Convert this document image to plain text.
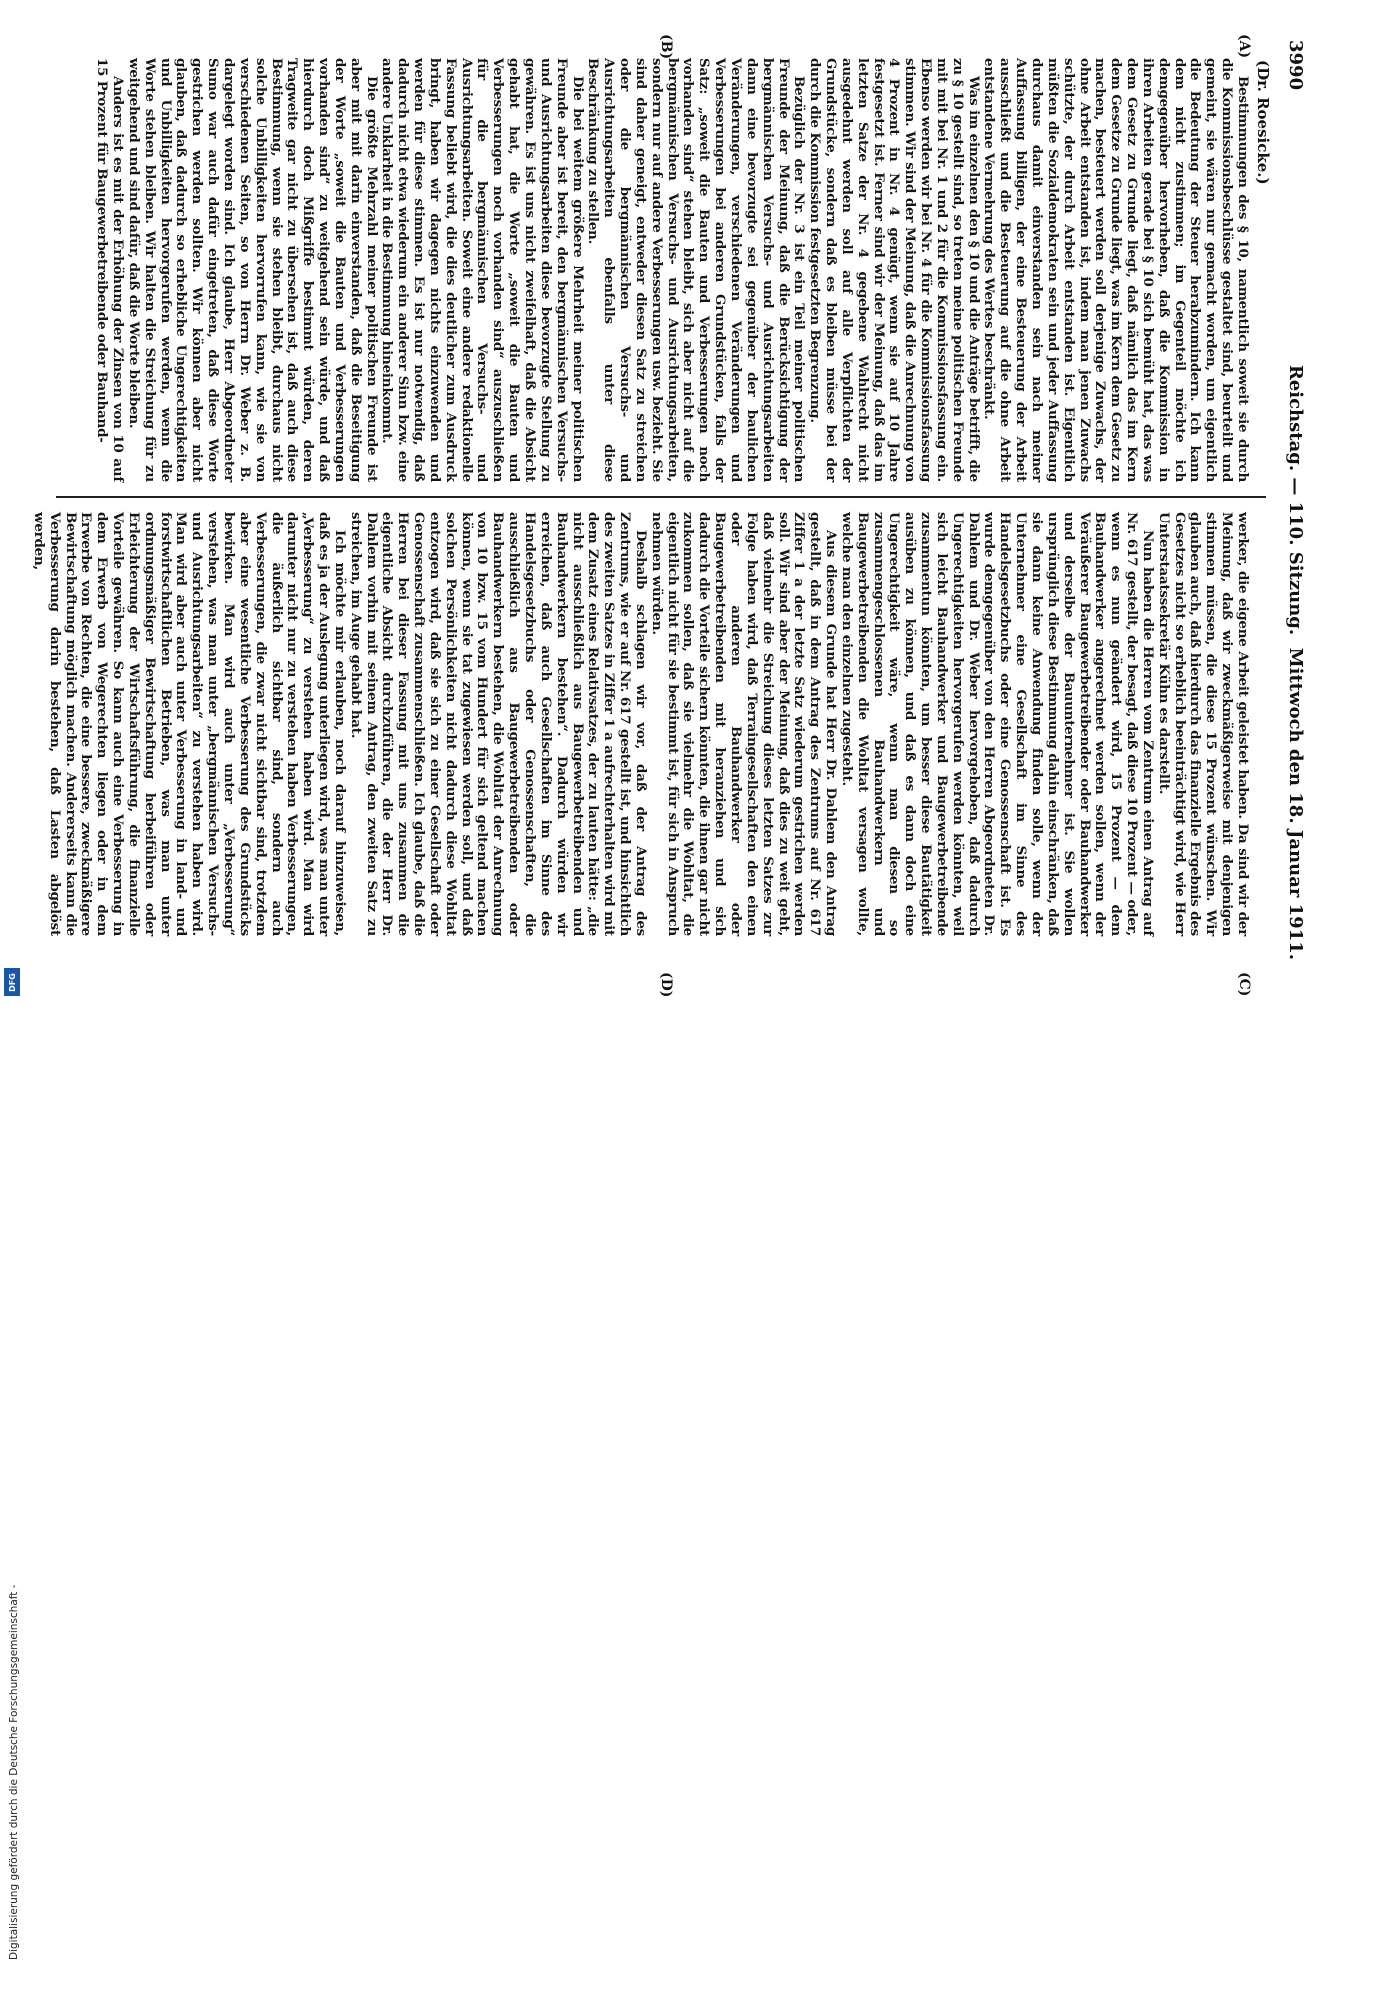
Digitalisierung gefördert durch die Deutsche Forschungsgemeinschaft -
DFG
3990
Reichstag. — 110. Sitzung.
Mittwoch den 18. Januar 1911.
(Dr. Roesicke.)
(A)
(B)
(C)
(D)

Bestimmungen des § 10, namentlich soweit sie durch die Kommissionsbeschlüsse gestaltet sind, beurteilt und gemeint, sie wären nur gemacht worden, um eigentlich die Bedeutung der Steuer herabzumindern. Ich kann dem nicht zustimmen; im Gegenteil möchte ich demgegenüber hervorheben, daß die Kommission in ihren Arbeiten gerade bei § 10 sich bemüht hat, das was dem Gesetz zu Grunde liegt, daß nämlich das im Kern dem Gesetze zu Grunde liegt, was im Kern dem Gesetz zu machen, besteuert werden soll derjenige Zuwachs, der ohne Arbeit entstanden ist, indem man jenen Zuwachs schützte, der durch Arbeit entstanden ist. Eigentlich müßten die Sozialdemokraten sein und jeder Auffassung durchaus damit einverstanden sein nach meiner Auffassung billigen, der eine Besteuerung der Arbeit ausschließt und die Besteuerung auf die ohne Arbeit entstandene Vermehrung des Wertes beschränkt.

Was im einzelnen den § 10 und die Anträge betrifft, die zu § 10 gestellt sind, so treten meine politischen Freunde mit mit bei Nr. 1 und 2 für die Kommissionsfassung ein. Ebenso werden wir bei Nr. 4 für die Kommissionsfassung stimmen. Wir sind der Meinung, daß die Anrechnung von 4 Prozent in Nr. 4 genügt, wenn sie auf 10 Jahre festgesetzt ist. Ferner sind wir der Meinung, daß das im letzten Satze der Nr. 4 gegebene Wahlrecht nicht ausgedehnt werden soll auf alle Verpflichten der Grundstücke, sondern daß es bleiben müsse bei der durch die Kommission festgesetzten Begrenzung.

Bezüglich der Nr. 3 ist ein Teil meiner politischen Freunde der Meinung, daß die Berücksichtigung der bergmännischen Versuchs- und Ausrichtungsarbeiten dann eine bevorzugte sei gegenüber der baulichen Veränderungen, verschiedenen Veränderungen und Verbesserungen bei anderen Grundstücken, falls der Satz: „soweit die Bauten und Verbesserungen noch vorhanden sind“ stehen bleibt, sich aber nicht auf die bergmännischen Versuchs- und Ausrichtungsarbeiten, sondern nur auf andere Verbesserungen usw. bezieht. Sie sind daher geneigt, entweder diesen Satz zu streichen oder die bergmännischen Versuchs- und Ausrichtungsarbeiten ebenfalls unter diese Beschränkung zu stellen.

Die bei weitem größere Mehrheit meiner politischen Freunde aber ist bereit, den bergmännischen Versuchs- und Ausrichtungsarbeiten diese bevorzugte Stellung zu gewähren. Es ist uns nicht zweifelhaft, daß die Absicht gehabt hat, die Worte „soweit die Bauten und Verbesserungen noch vorhanden sind“ auszuschließen für die bergmännischen Versuchs- und Ausrichtungsarbeiten. Soweit eine andere redaktionelle Fassung beliebt wird, die dies deutlicher zum Ausdruck bringt, haben wir dagegen nichts einzuwenden und werden für diese stimmen. Es ist nur notwendig, daß dadurch nicht etwa wiederum ein anderer Sinn bzw. eine andere Unklarheit in die Bestimmung hineinkommt.

Die größte Mehrzahl meiner politischen Freunde ist aber mit mit darin einverstanden, daß die Beseitigung der Worte „soweit die Bauten und Verbesserungen vorhanden sind“ zu weitgehend sein würde, und daß hierdurch doch Mißgriffe bestimmt würden, deren Tragweite gar nicht zu übersehen ist, daß auch diese Bestimmung, wenn sie stehen bleibt, durchaus nicht solche Unbilligkeiten hervorrufen kann, wie sie von verschiedenen Seiten, so von Herrn Dr. Weber z. B. dargelegt worden sind. Ich glaube, Herr Abgeordneter Sumo war auch dafür eingetreten, daß diese Worte gestrichen werden sollten. Wir können aber nicht glauben, daß dadurch so erhebliche Ungerechtigkeiten und Unbilligkeiten hervorgerufen werden, wenn die Worte stehen bleiben. Wir halten die Streichung für zu weitgehend und sind dafür, daß die Worte bleiben.

Anders ist es mit der Erhöhung der Zinsen von 10 auf 15 Prozent für Baugewerbetreibende oder Bauhand-

werker, die eigene Arbeit geleistet haben. Da sind wir der Meinung, daß wir zweckmäßigerweise mit denjenigen stimmen müssen, die diese 15 Prozent wünschen. Wir glauben auch, daß hierdurch das finanzielle Ergebnis des Gesetzes nicht so erheblich beeinträchtigt wird, wie Herr Unterstaatssekretär Kühn es darstellt.

Nun haben die Herren vom Zentrum einen Antrag auf Nr. 617 gestellt, der besagt, daß diese 10 Prozent — oder, wenn es nun geändert wird, 15 Prozent — dem Bauhandwerker angerechnet werden sollen, wenn der Veräußerer Baugewerbetreibender oder Bauhandwerker und derselbe der Bauunternehmer ist. Sie wollen ursprünglich diese Bestimmung dahin einschränken, daß sie dann keine Anwendung finden solle, wenn der Unternehmer eine Gesellschaft im Sinne des Handelsgesetzbuchs oder eine Genossenschaft ist. Es wurde demgegenüber von den Herren Abgeordneten Dr. Dahlem und Dr. Weber hervorgehoben, daß dadurch Ungerechtigkeiten hervorgerufen werden könnten, weil sich leicht Bauhandwerker und Baugewerbetreibende zusammentun könnten, um besser diese Bautätigkeit ausüben zu können, und daß es dann doch eine Ungerechtigkeit wäre, wenn man diesen so zusammengeschlossenen Bauhandwerkern und Baugewerbetreibenden die Wohltat versagen wollte, welche man den einzelnen zugesteht.

Aus diesem Grunde hat Herr Dr. Dahlem den Antrag gestellt, daß in dem Antrag des Zentrums auf Nr. 617 Ziffer 1 a der letzte Satz wiederum gestrichen werden soll. Wir sind aber der Meinung, daß dies zu weit geht, daß vielmehr die Streichung dieses letzten Satzes zur Folge haben wird, daß Terraingesellschaften den einen oder anderen Bauhandwerker oder Baugewerbetreibenden mit heranziehen und sich dadurch die Vorteile sichern könnten, die ihnen gar nicht zukommen sollen, daß sie vielmehr die Wohltat, die eigentlich nicht für sie bestimmt ist, für sich in Anspruch nehmen würden.

Deshalb schlagen wir vor, daß der Antrag des Zentrums, wie er auf Nr. 617 gestellt ist, und hinsichtlich des zweiten Satzes in Ziffer 1 a aufrechterhalten wird mit dem Zusatz eines Relativsatzes, der zu lauten hätte: „die nicht ausschließlich aus Baugewerbetreibenden und Bauhandwerkern bestehen“. Dadurch würden wir erreichen, daß auch Gesellschaften im Sinne des Handelsgesetzbuchs oder Genossenschaften, die ausschließlich aus Baugewerbetreibenden oder Bauhandwerkern bestehen, die Wohltat der Anrechnung von 10 bzw. 15 vom Hundert für sich geltend machen können, wenn sie tat zugewiesen werden soll, und daß solchen Persönlichkeiten nicht dadurch diese Wohltat entzogen wird, daß sie sich zu einer Gesellschaft oder Genossenschaft zusammenschließen. Ich glaube, daß die Herren bei dieser Fassung mit uns zusammen die eigentliche Absicht durchzuführen, die der Herr Dr. Dahlem vorhin mit seinem Antrag, den zweiten Satz zu streichen, im Auge gehabt hat.

Ich möchte mir erlauben, noch darauf hinzuweisen, daß es ja der Auslegung unterliegen wird, was man unter „Verbesserung“ zu verstehen haben wird. Man wird darunter nicht nur zu verstehen haben Verbesserungen, die äußerlich sichtbar sind, sondern auch Verbesserungen, die zwar nicht sichtbar sind, trotzdem aber eine wesentliche Verbesserung des Grundstücks bewirken. Man wird auch unter „Verbesserung“ verstehen, was man unter „bergmännischen Versuchs- und Ausrichtungsarbeiten“ zu verstehen haben wird. Man wird aber auch unter Verbesserung in land- und forstwirtschaftlichen Betrieben, was man unter ordnungsmäßiger Bewirtschaftung herbeiführen oder Erleichterung der Wirtschaftsführung, die finanzielle Vorteile gewähren. So kann auch eine Verbesserung in dem Erwerb von Wegerechten liegen oder in dem Erwerbe von Rechten, die eine bessere, zweckmäßigere Bewirtschaftung möglich machen. Andererseits kann die Verbesserung darin bestehen, daß Lasten abgelöst werden,
